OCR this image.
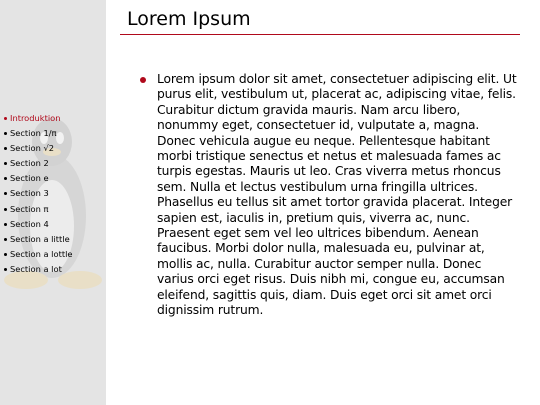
Introduktion
Section 1/π
Section √2
Section 2
Section e
Section 3
Section π
Section 4
Section a little
Section a lottle
Section a lot
Lorem Ipsum

Lorem ipsum dolor sit amet, consectetuer adipiscing elit. Ut purus elit, vestibulum ut, placerat ac, adipiscing vitae, felis. Curabitur dictum gravida mauris. Nam arcu libero, nonummy eget, consectetuer id, vulputate a, magna. Donec vehicula augue eu neque. Pellentesque habitant morbi tristique senectus et netus et malesuada fames ac turpis egestas. Mauris ut leo. Cras viverra metus rhoncus sem. Nulla et lectus vestibulum urna fringilla ultrices. Phasellus eu tellus sit amet tortor gravida placerat. Integer sapien est, iaculis in, pretium quis, viverra ac, nunc. Praesent eget sem vel leo ultrices bibendum. Aenean faucibus. Morbi dolor nulla, malesuada eu, pulvinar at, mollis ac, nulla. Curabitur auctor semper nulla. Donec varius orci eget risus. Duis nibh mi, congue eu, accumsan eleifend, sagittis quis, diam. Duis eget orci sit amet orci dignissim rutrum.
